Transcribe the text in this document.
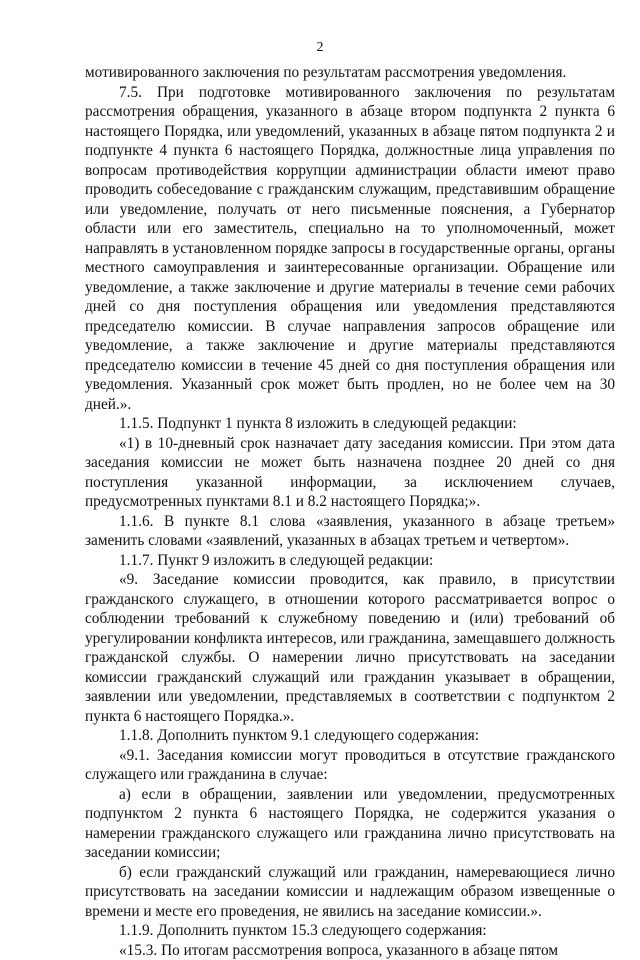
2

мотивированного заключения по результатам рассмотрения уведомления.

7.5. При подготовке мотивированного заключения по результатам рассмотрения обращения, указанного в абзаце втором подпункта 2 пункта 6 настоящего Порядка, или уведомлений, указанных в абзаце пятом подпункта 2 и подпункте 4 пункта 6 настоящего Порядка, должностные лица управления по вопросам противодействия коррупции администрации области имеют право проводить собеседование с гражданским служащим, представившим обращение или уведомление, получать от него письменные пояснения, а Губернатор области или его заместитель, специально на то уполномоченный, может направлять в установленном порядке запросы в государственные органы, органы местного самоуправления и заинтересованные организации. Обращение или уведомление, а также заключение и другие материалы в течение семи рабочих дней со дня поступления обращения или уведомления представляются председателю комиссии. В случае направления запросов обращение или уведомление, а также заключение и другие материалы представляются председателю комиссии в течение 45 дней со дня поступления обращения или уведомления. Указанный срок может быть продлен, но не более чем на 30 дней.».

1.1.5. Подпункт 1 пункта 8 изложить в следующей редакции:

«1) в 10-дневный срок назначает дату заседания комиссии. При этом дата заседания комиссии не может быть назначена позднее 20 дней со дня поступления указанной информации, за исключением случаев, предусмотренных пунктами 8.1 и 8.2 настоящего Порядка;».

1.1.6. В пункте 8.1 слова «заявления, указанного в абзаце третьем» заменить словами «заявлений, указанных в абзацах третьем и четвертом».

1.1.7. Пункт 9 изложить в следующей редакции:

«9. Заседание комиссии проводится, как правило, в присутствии гражданского служащего, в отношении которого рассматривается вопрос о соблюдении требований к служебному поведению и (или) требований об урегулировании конфликта интересов, или гражданина, замещавшего должность гражданской службы. О намерении лично присутствовать на заседании комиссии гражданский служащий или гражданин указывает в обращении, заявлении или уведомлении, представляемых в соответствии с подпунктом 2 пункта 6 настоящего Порядка.».

1.1.8. Дополнить пунктом 9.1 следующего содержания:

«9.1. Заседания комиссии могут проводиться в отсутствие гражданского служащего или гражданина в случае:

а) если в обращении, заявлении или уведомлении, предусмотренных подпунктом 2 пункта 6 настоящего Порядка, не содержится указания о намерении гражданского служащего или гражданина лично присутствовать на заседании комиссии;

б) если гражданский служащий или гражданин, намеревающиеся лично присутствовать на заседании комиссии и надлежащим образом извещенные о времени и месте его проведения, не явились на заседание комиссии.».

1.1.9. Дополнить пунктом 15.3 следующего содержания:

«15.3. По итогам рассмотрения вопроса, указанного в абзаце пятом
